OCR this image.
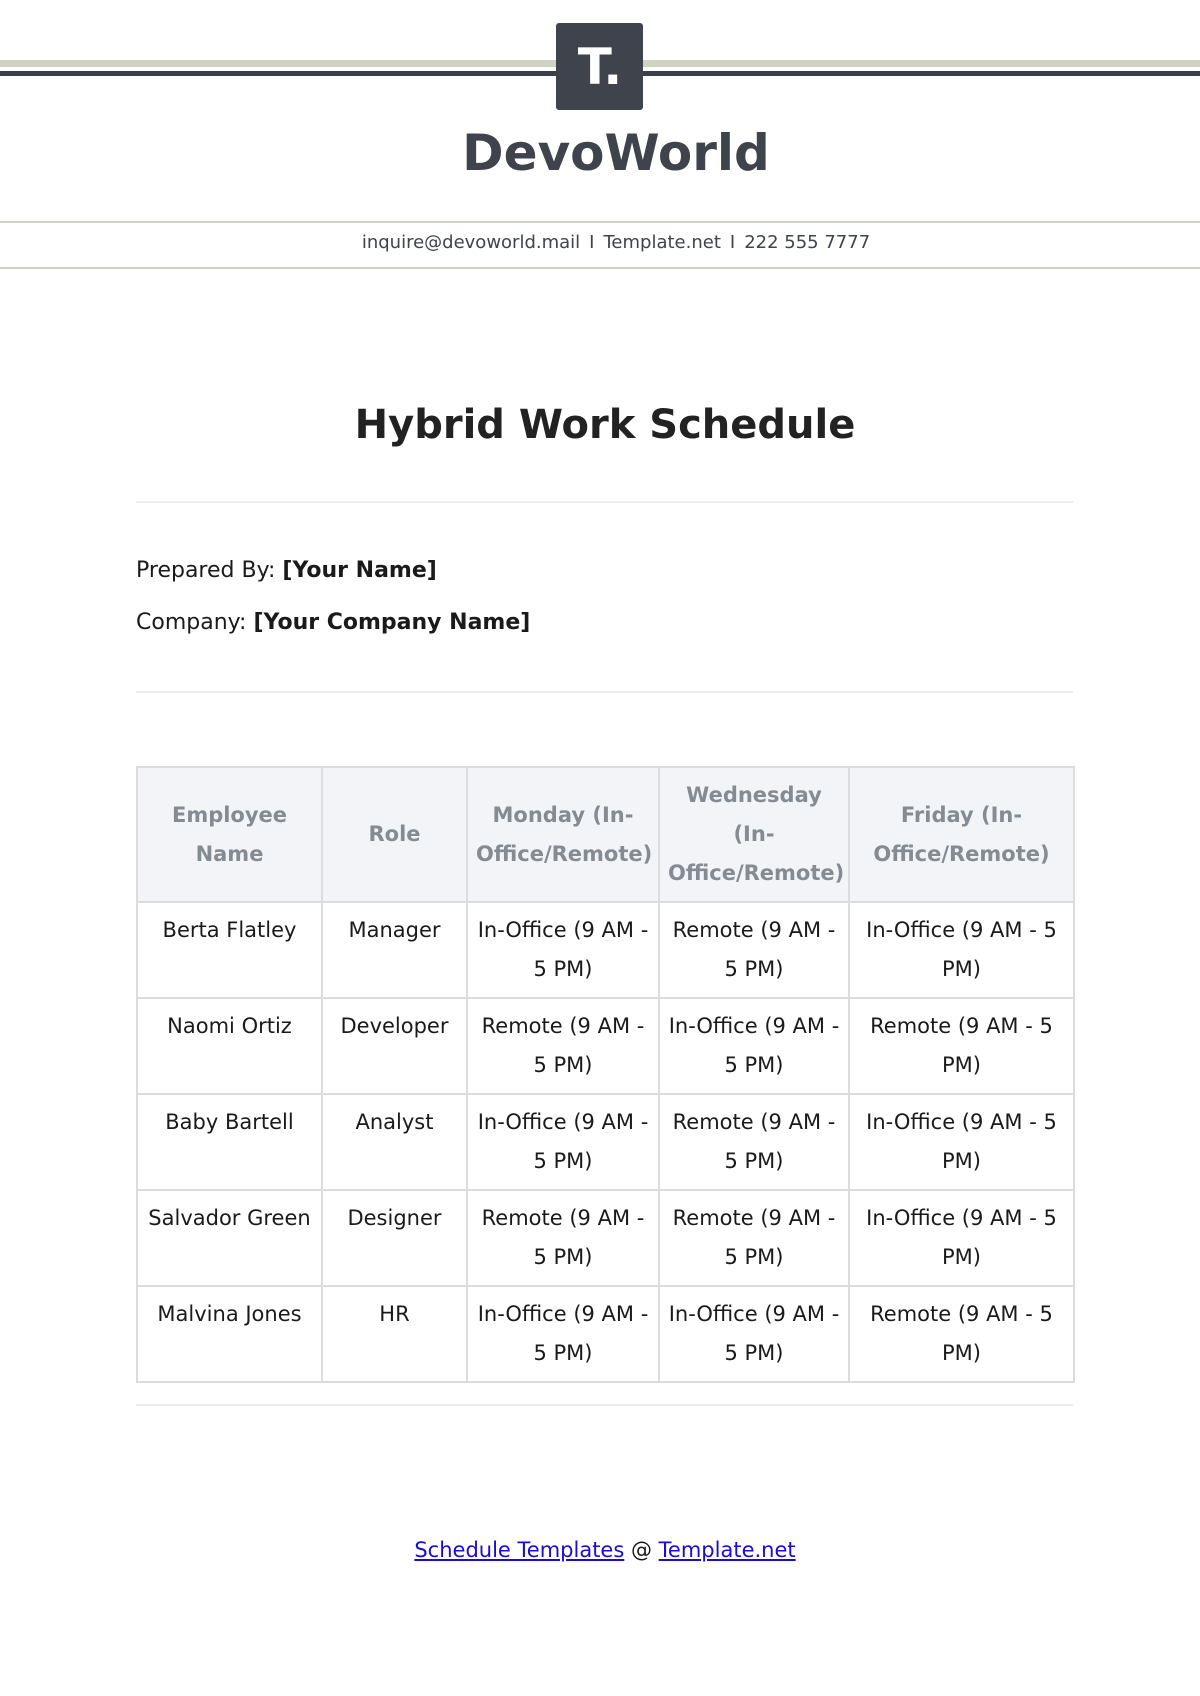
T.
DevoWorld
inquire@devoworld.mail I Template.net I 222 555 7777
Hybrid Work Schedule
Prepared By: [Your Name]
Company: [Your Company Name]
Employee Name	Role	Monday (In-Office/Remote)	Wednesday (In-Office/Remote)	Friday (In-Office/Remote)
Berta Flatley	Manager	In-Office (9 AM - 5 PM)	Remote (9 AM - 5 PM)	In-Office (9 AM - 5 PM)
Naomi Ortiz	Developer	Remote (9 AM - 5 PM)	In-Office (9 AM - 5 PM)	Remote (9 AM - 5 PM)
Baby Bartell	Analyst	In-Office (9 AM - 5 PM)	Remote (9 AM - 5 PM)	In-Office (9 AM - 5 PM)
Salvador Green	Designer	Remote (9 AM - 5 PM)	Remote (9 AM - 5 PM)	In-Office (9 AM - 5 PM)
Malvina Jones	HR	In-Office (9 AM - 5 PM)	In-Office (9 AM - 5 PM)	Remote (9 AM - 5 PM)
Schedule Templates @ Template.net
